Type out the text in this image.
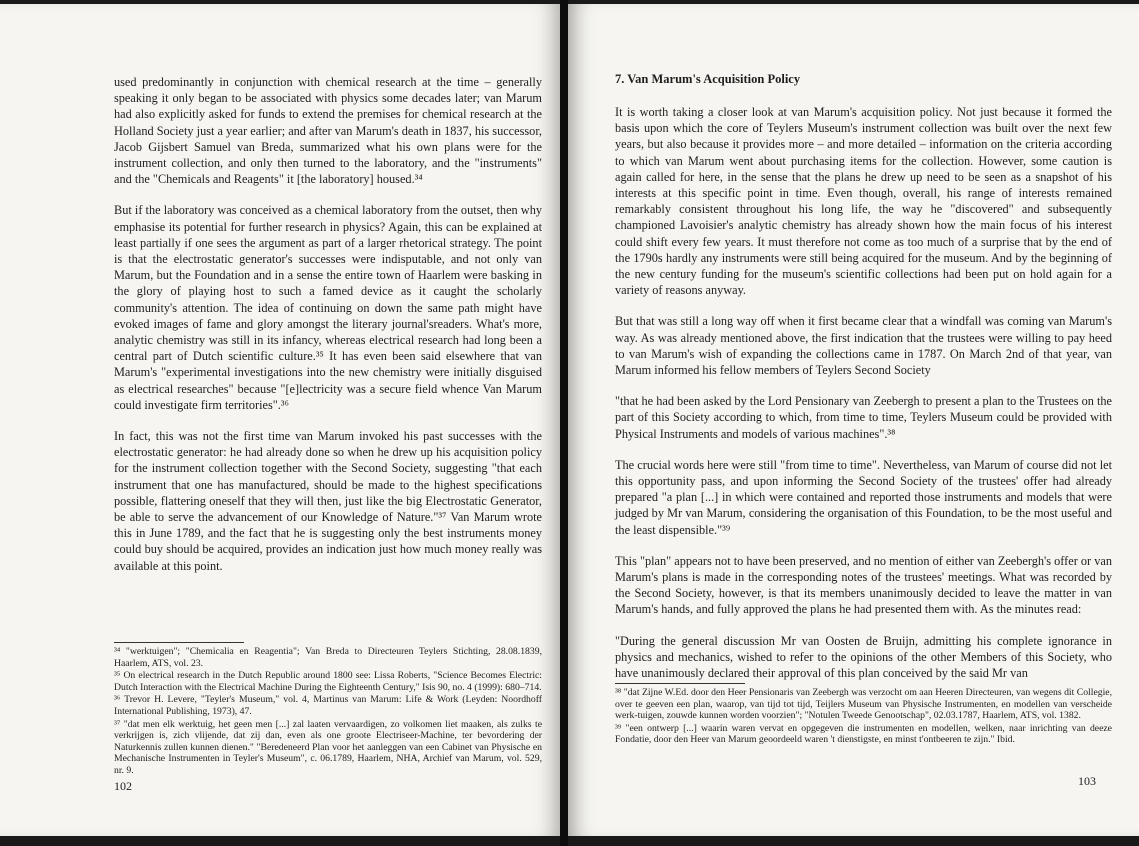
used predominantly in conjunction with chemical research at the time – generally speaking it only began to be associated with physics some decades later; van Marum had also explicitly asked for funds to extend the premises for chemical research at the Holland Society just a year earlier; and after van Marum's death in 1837, his successor, Jacob Gijsbert Samuel van Breda, summarized what his own plans were for the instrument collection, and only then turned to the laboratory, and the "instruments" and the "Chemicals and Reagents" it [the laboratory] housed.³⁴

But if the laboratory was conceived as a chemical laboratory from the outset, then why emphasise its potential for further research in physics? Again, this can be explained at least partially if one sees the argument as part of a larger rhetorical strategy. The point is that the electrostatic generator's successes were indisputable, and not only van Marum, but the Foundation and in a sense the entire town of Haarlem were basking in the glory of playing host to such a famed device as it caught the scholarly community's attention. The idea of continuing on down the same path might have evoked images of fame and glory amongst the literary journal'sreaders. What's more, analytic chemistry was still in its infancy, whereas electrical research had long been a central part of Dutch scientific culture.³⁵ It has even been said elsewhere that van Marum's "experimental investigations into the new chemistry were initially disguised as electrical researches" because "[e]lectricity was a secure field whence Van Marum could investigate firm territories".³⁶

In fact, this was not the first time van Marum invoked his past successes with the electrostatic generator: he had already done so when he drew up his acquisition policy for the instrument collection together with the Second Society, suggesting "that each instrument that one has manufactured, should be made to the highest specifications possible, flattering oneself that they will then, just like the big Electrostatic Generator, be able to serve the advancement of our Knowledge of Nature."³⁷ Van Marum wrote this in June 1789, and the fact that he is suggesting only the best instruments money could buy should be acquired, provides an indication just how much money really was available at this point.

³⁴ "werktuigen"; "Chemicalia en Reagentia"; Van Breda to Directeuren Teylers Stichting, 28.08.1839, Haarlem, ATS, vol. 23.

³⁵ On electrical research in the Dutch Republic around 1800 see: Lissa Roberts, "Science Becomes Electric: Dutch Interaction with the Electrical Machine During the Eighteenth Century," Isis 90, no. 4 (1999): 680–714.

³⁶ Trevor H. Levere, "Teyler's Museum," vol. 4, Martinus van Marum: Life & Work (Leyden: Noordhoff International Publishing, 1973), 47.

³⁷ "dat men elk werktuig, het geen men [...] zal laaten vervaardigen, zo volkomen liet maaken, als zulks te verkrijgen is, zich vlijende, dat zij dan, even als one groote Electriseer-Machine, ter bevordering der Naturkennis zullen kunnen dienen." "Beredeneerd Plan voor het aanleggen van een Cabinet van Physische en Mechanische Instrumenten in Teyler's Museum", c. 06.1789, Haarlem, NHA, Archief van Marum, vol. 529, nr. 9.

102
7. Van Marum's Acquisition Policy

It is worth taking a closer look at van Marum's acquisition policy. Not just because it formed the basis upon which the core of Teylers Museum's instrument collection was built over the next few years, but also because it provides more – and more detailed – information on the criteria according to which van Marum went about purchasing items for the collection. However, some caution is again called for here, in the sense that the plans he drew up need to be seen as a snapshot of his interests at this specific point in time. Even though, overall, his range of interests remained remarkably consistent throughout his long life, the way he "discovered" and subsequently championed Lavoisier's analytic chemistry has already shown how the main focus of his interest could shift every few years. It must therefore not come as too much of a surprise that by the end of the 1790s hardly any instruments were still being acquired for the museum. And by the beginning of the new century funding for the museum's scientific collections had been put on hold again for a variety of reasons anyway.

But that was still a long way off when it first became clear that a windfall was coming van Marum's way. As was already mentioned above, the first indication that the trustees were willing to pay heed to van Marum's wish of expanding the collections came in 1787. On March 2nd of that year, van Marum informed his fellow members of Teylers Second Society

"that he had been asked by the Lord Pensionary van Zeebergh to present a plan to the Trustees on the part of this Society according to which, from time to time, Teylers Museum could be provided with Physical Instruments and models of various machines".³⁸

The crucial words here were still "from time to time". Nevertheless, van Marum of course did not let this opportunity pass, and upon informing the Second Society of the trustees' offer had already prepared "a plan [...] in which were contained and reported those instruments and models that were judged by Mr van Marum, considering the organisation of this Foundation, to be the most useful and the least dispensible."³⁹

This "plan" appears not to have been preserved, and no mention of either van Zeebergh's offer or van Marum's plans is made in the corresponding notes of the trustees' meetings. What was recorded by the Second Society, however, is that its members unanimously decided to leave the matter in van Marum's hands, and fully approved the plans he had presented them with. As the minutes read:

"During the general discussion Mr van Oosten de Bruijn, admitting his complete ignorance in physics and mechanics, wished to refer to the opinions of the other Members of this Society, who have unanimously declared their approval of this plan conceived by the said Mr van

³⁸ "dat Zijne W.Ed. door den Heer Pensionaris van Zeebergh was verzocht om aan Heeren Directeuren, van wegens dit Collegie, over te geeven een plan, waarop, van tijd tot tijd, Teijlers Museum van Physische Instrumenten, en modellen van verscheide werk-tuigen, zouwde kunnen worden voorzien"; "Notulen Tweede Genootschap", 02.03.1787, Haarlem, ATS, vol. 1382.

³⁹ "een ontwerp [...] waarin waren vervat en opgegeven die instrumenten en modellen, welken, naar inrichting van deeze Fondatie, door den Heer van Marum geoordeeld waren 't dienstigste, en minst t'ontbeeren te zijn." Ibid.

103
